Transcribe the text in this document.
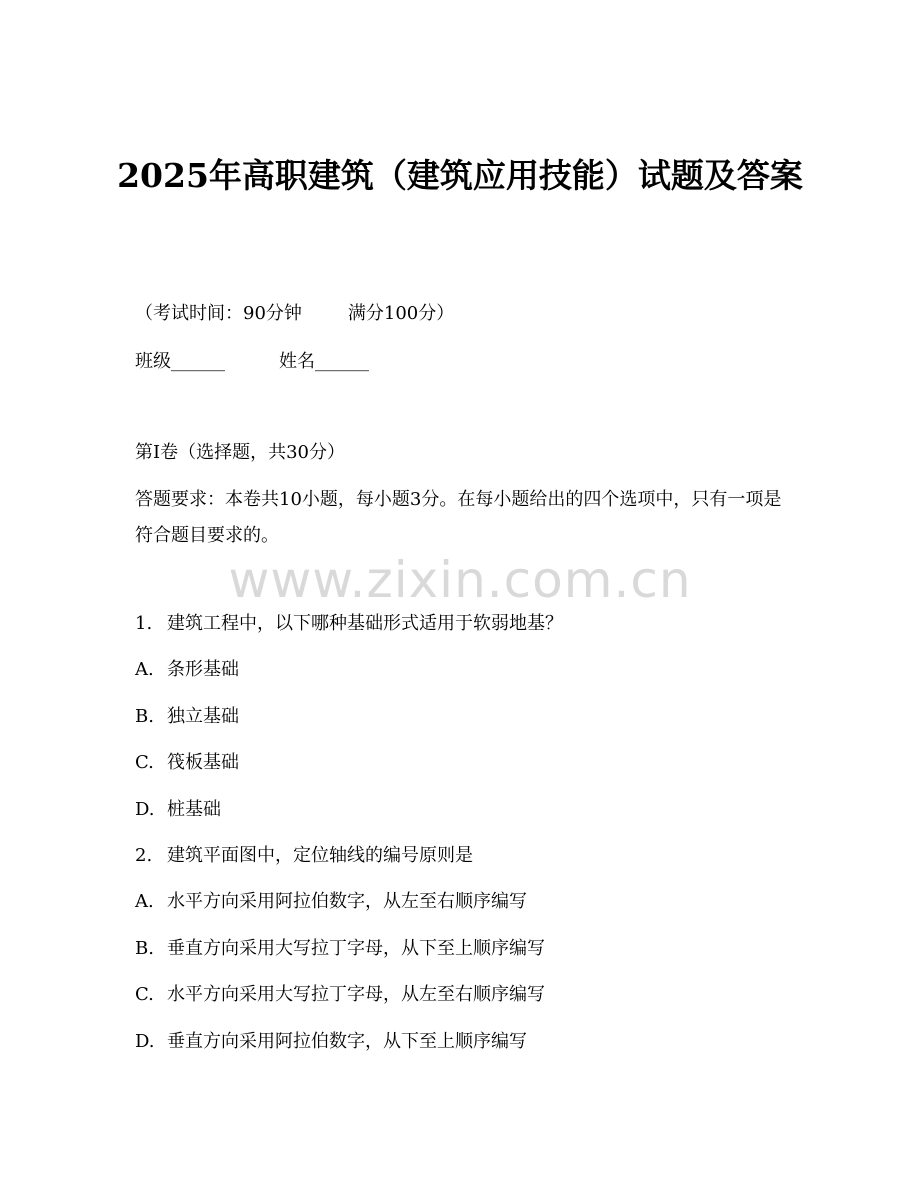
2025年高职建筑（建筑应用技能）试题及答案

（考试时间：90分钟	满分100分）

班级______	姓名______

第I卷（选择题，共30分）

答题要求：本卷共10小题，每小题3分。在每小题给出的四个选项中，只有一项是符合题目要求的。

www.zixin.com.cn

1. 建筑工程中，以下哪种基础形式适用于软弱地基？

A. 条形基础

B. 独立基础

C. 筏板基础

D. 桩基础

2. 建筑平面图中，定位轴线的编号原则是

A. 水平方向采用阿拉伯数字，从左至右顺序编写

B. 垂直方向采用大写拉丁字母，从下至上顺序编写

C. 水平方向采用大写拉丁字母，从左至右顺序编写

D. 垂直方向采用阿拉伯数字，从下至上顺序编写
